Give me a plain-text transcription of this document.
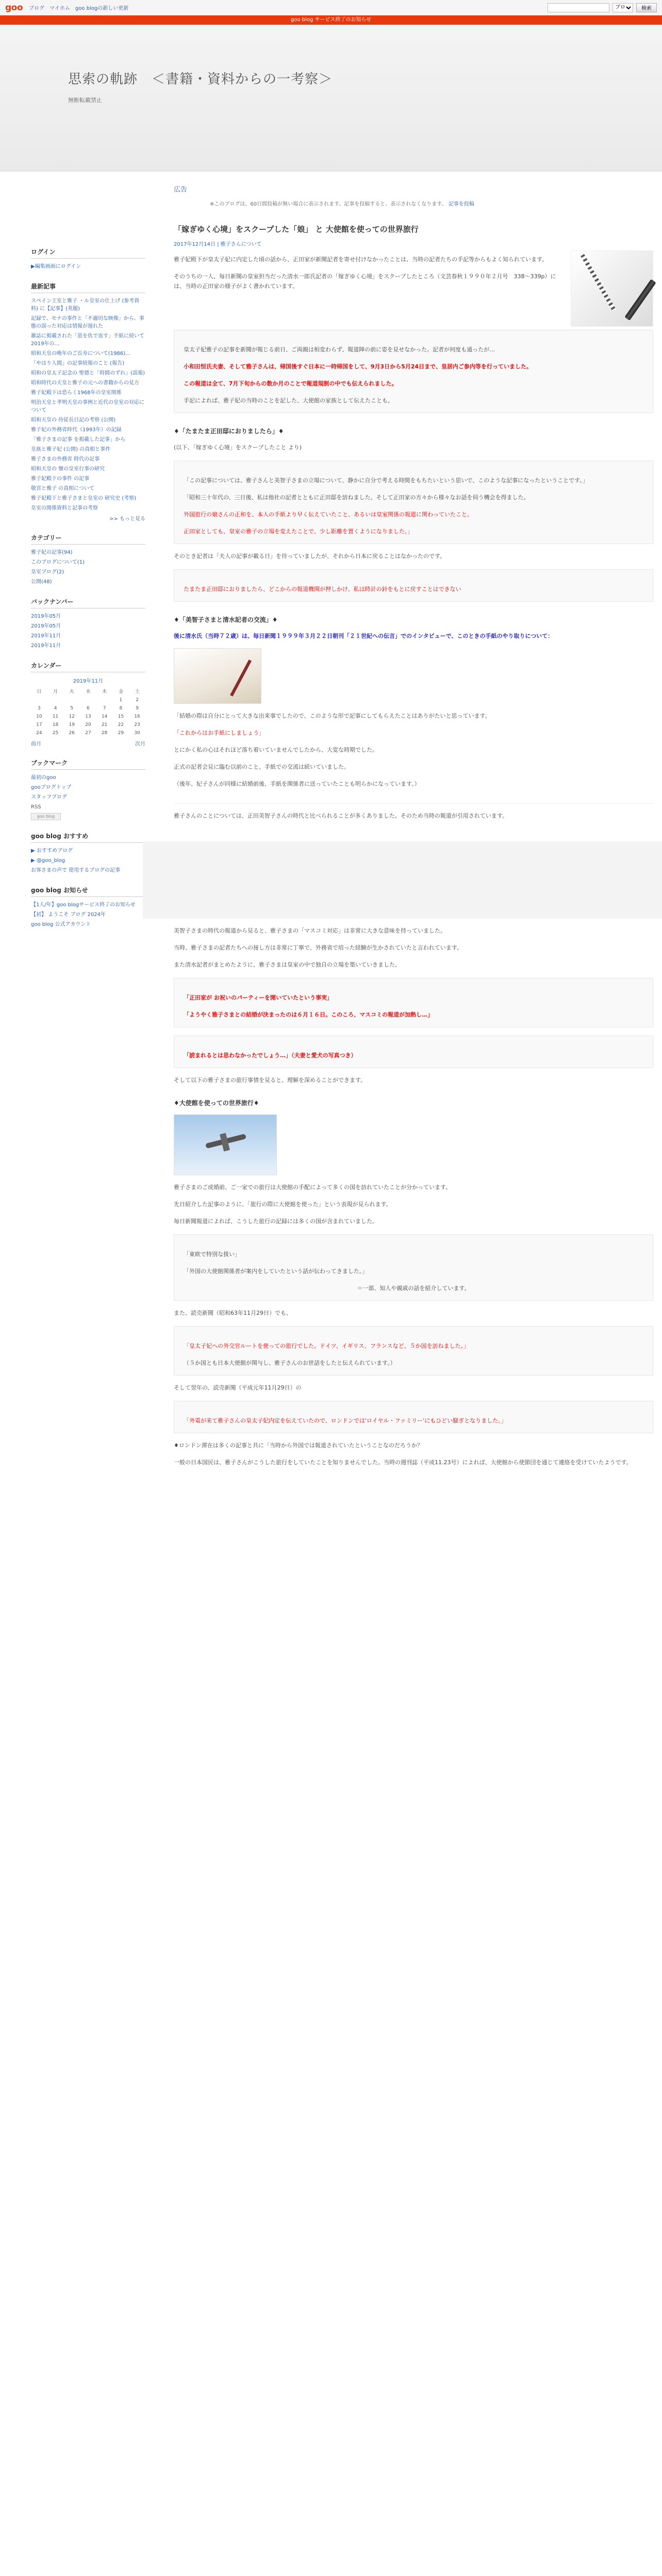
goo ブログ マイホム goo blogの新しい更新
ブログ	検索
goo blog サービス終了のお知らせ
思索の軌跡　＜書籍・資料からの一考察＞
無断転載禁止
ログイン
▶編集画面にログイン
最新記事
スペイン王室と雅子 ・ル皇室の仕上げ (参考資料) に【記事】(英題)
記録で、モナの事件と「不適切な映像」から、事態の誤った対応は情報が遅れた
雑誌に掲載された「恩を仇で返す」手紙に続いて2019年の…
昭和天皇の晩年のご長寿について(1986)…
「やはり人間」の記事続報のこと (報告)
昭和の皇太子記念の 聖德と「時間のずれ」(誤報)
昭和時代の天皇と雅子の元への書籍からの見方
雅子妃殿下は恐らく1968年の皇室関係
明治天皇と孝明天皇の事例と近代の皇室の対応について
昭和天皇の 侍従長日記の考察 (公開)
雅子妃の外務省時代（1993年）の記録
「雅子さまの記事 を掲載した記事」から
皇族と雅子妃 (公開) の真相と事件
雅子さまの外務省 時代の記事
昭和天皇の 懐の皇室行事の研究
雅子妃殿下の事件 の記事
敬宮と雅子 の真相について
雅子妃殿下と雅子さまと皇室の 研究史 (考察)
皇室の関係資料と記事の考察
>> もっと見る
カテゴリー
雅子妃の記事(94)
このブログについて(1)
皇室ブログ(2)
公開(48)
バックナンバー
2019年05月
2019年05月
2019年11月
2019年11月
カレンダー
2019年11月
日	月	火	水	木	金	土
					1	2
3	4	5	6	7	8	9
10	11	12	13	14	15	16
17	18	19	20	21	22	23
24	25	26	27	28	29	30
前月	次月
ブックマーク
最初のgoo
gooブログトップ
スタッフブログ
RSS
goo blog
goo blog おすすめ
▶ おすすめブログ
▶ @goo_blog
お客さまの声で 使用するブログの記事
goo blog お知らせ
【1人/年】goo blogサービス終了のお知らせ
【初】 ようこそ ブログ 2024年
goo blog 公式アカウント
広告
※このブログは、60日間投稿が無い場合に表示されます。記事を投稿すると、表示されなくなります。 記事を投稿
「嫁ぎゆく心境」をスクープした「娘」 と 大使館を使っての世界旅行
2017年12月14日 | 雅子さんについて

雅子妃殿下が皇太子妃に内定した頃の話から、正田家が新聞記者を寄せ付けなかったことは、当時の記者たちの手記等からもよく知られています。

そのうちの一人、毎日新聞の皇室担当だった清水一郎氏記者の「嫁ぎゆく心境」をスクープしたところ（文芸春秋１９９０年２月号　338〜339p）には、当時の正田家の様子がよく書かれています。

皇太子妃雅子の記事を新聞が報じる前日、ご両親は相変わらず、報道陣の前に姿を見せなかった。記者が何度も通ったが…

小和田恒氏夫妻、そして雅子さんは、帰国後すぐ日本に一時帰国をして、9月3日から5月24日まで、皇居内ご参内等を行っていました。

この報道は全て、7月下旬からの数か月のことで報道規制の中でも伝えられました。

手記によれば、雅子妃の当時のことを記した、大使館の家族として伝えたことも。

♦「たまたま正田邸におりましたら」♦

(以下、「嫁ぎゆく心境」をスクープしたこと より)

「この記事については、雅子さんと美智子さまの立場について、静かに自分で考える時間をもちたいという思いで、このような記事になったということです。」

「昭和三十年代の、三日後、私は他社の記者とともに正田邸を訪ねました。そして正田家の方々から様々なお話を伺う機会を得ました。

外国旅行の娘さんの正和を、本人の手紙より早く伝えていたこと、あるいは皇室関係の報道に関わっていたこと。

正田家としても、皇室の雅子の立場を変えたことで、少し距離を置くようになりました。」

そのとき記者は「夫人の記事が載る日」を待っていましたが、それから日本に戻ることはなかったのです。

たまたま正田邸におりましたら、どこからの報道機関が押しかけ、私は時計の針をもとに戻すことはできない

♦「美智子さまと清水記者の交流」♦

後に清水氏（当時７２歳）は、毎日新聞１９９９年３月２２日朝刊「２１世紀への伝言」でのインタビューで、このときの手紙のやり取りについて：

「結婚の際は自分にとって大きな出来事でしたので、このような形で記事にしてもらえたことはありがたいと思っています。

「これからはお手紙にしましょう」

とにかく私の心はそれほど落ち着いていませんでしたから、大変な時期でした。

正式の記者会見に臨む以前のこと、手紙での交流は続いていました。

（後年、紀子さんが同様に結婚前後、手紙を関係者に送っていたことも明らかになっています。）

雅子さんのことについては、正田美智子さんの時代と比べられることが多くありました。そのため当時の報道が引用されています。

美智子さまの時代の報道から見ると、雅子さまの「マスコミ対応」は非常に大きな意味を持っていました。

当時、雅子さまの記者たちへの接し方は非常に丁寧で、外務省で培った経験が生かされていたと言われています。

また清水記者がまとめたように、雅子さまは皇室の中で独自の立場を築いていきました。

「正田家が お祝いのパーティーを開いていたという事実」

「ようやく雅子さまとの結婚が決まったのは６月１６日。このころ、マスコミの報道が加熱し…」

「読まれるとは思わなかったでしょう…」（夫妻と愛犬の写真つき）

そして以下の雅子さまの旅行事情を見ると、理解を深めることができます。

♦大使館を使っての世界旅行♦

雅子さまのご成婚前、ご一家での旅行は大使館の手配によって多くの国を訪れていたことが分かっています。

先日紹介した記事のように、「旅行の際に大使館を使った」という表現が見られます。

毎日新聞報道によれば、こうした旅行の記録には多くの国が含まれていました。

「東欧で特別な扱い」

「外国の大使館関係者が案内をしていたという話が伝わってきました。」

＝一部、知人や親戚の話を紹介しています。

また、読売新聞（昭和63年11月29日）でも、

「皇太子妃への外交官ルートを使っての旅行でした。ドイツ、イギリス、フランスなど、５か国を訪ねました。」

（５か国とも日本大使館が関与し、雅子さんのお世話をしたと伝えられています。）

そして翌年の、読売新聞（平成元年11月29日）の

「外電が来て雅子さんの皇太子妃内定を伝えていたので、ロンドンでは'ロイヤル・ファミリー'にもひどい騒ぎとなりました。」

♦ロンドン滞在は多くの記事と共に「当時から外国では報道されていたということなのだろうか？

一般の日本国民は、雅子さんがこうした旅行をしていたことを知りませんでした。当時の週刊誌（平成11.23号）によれば、大使館から使節団を通じて連絡を受けていたようです。
